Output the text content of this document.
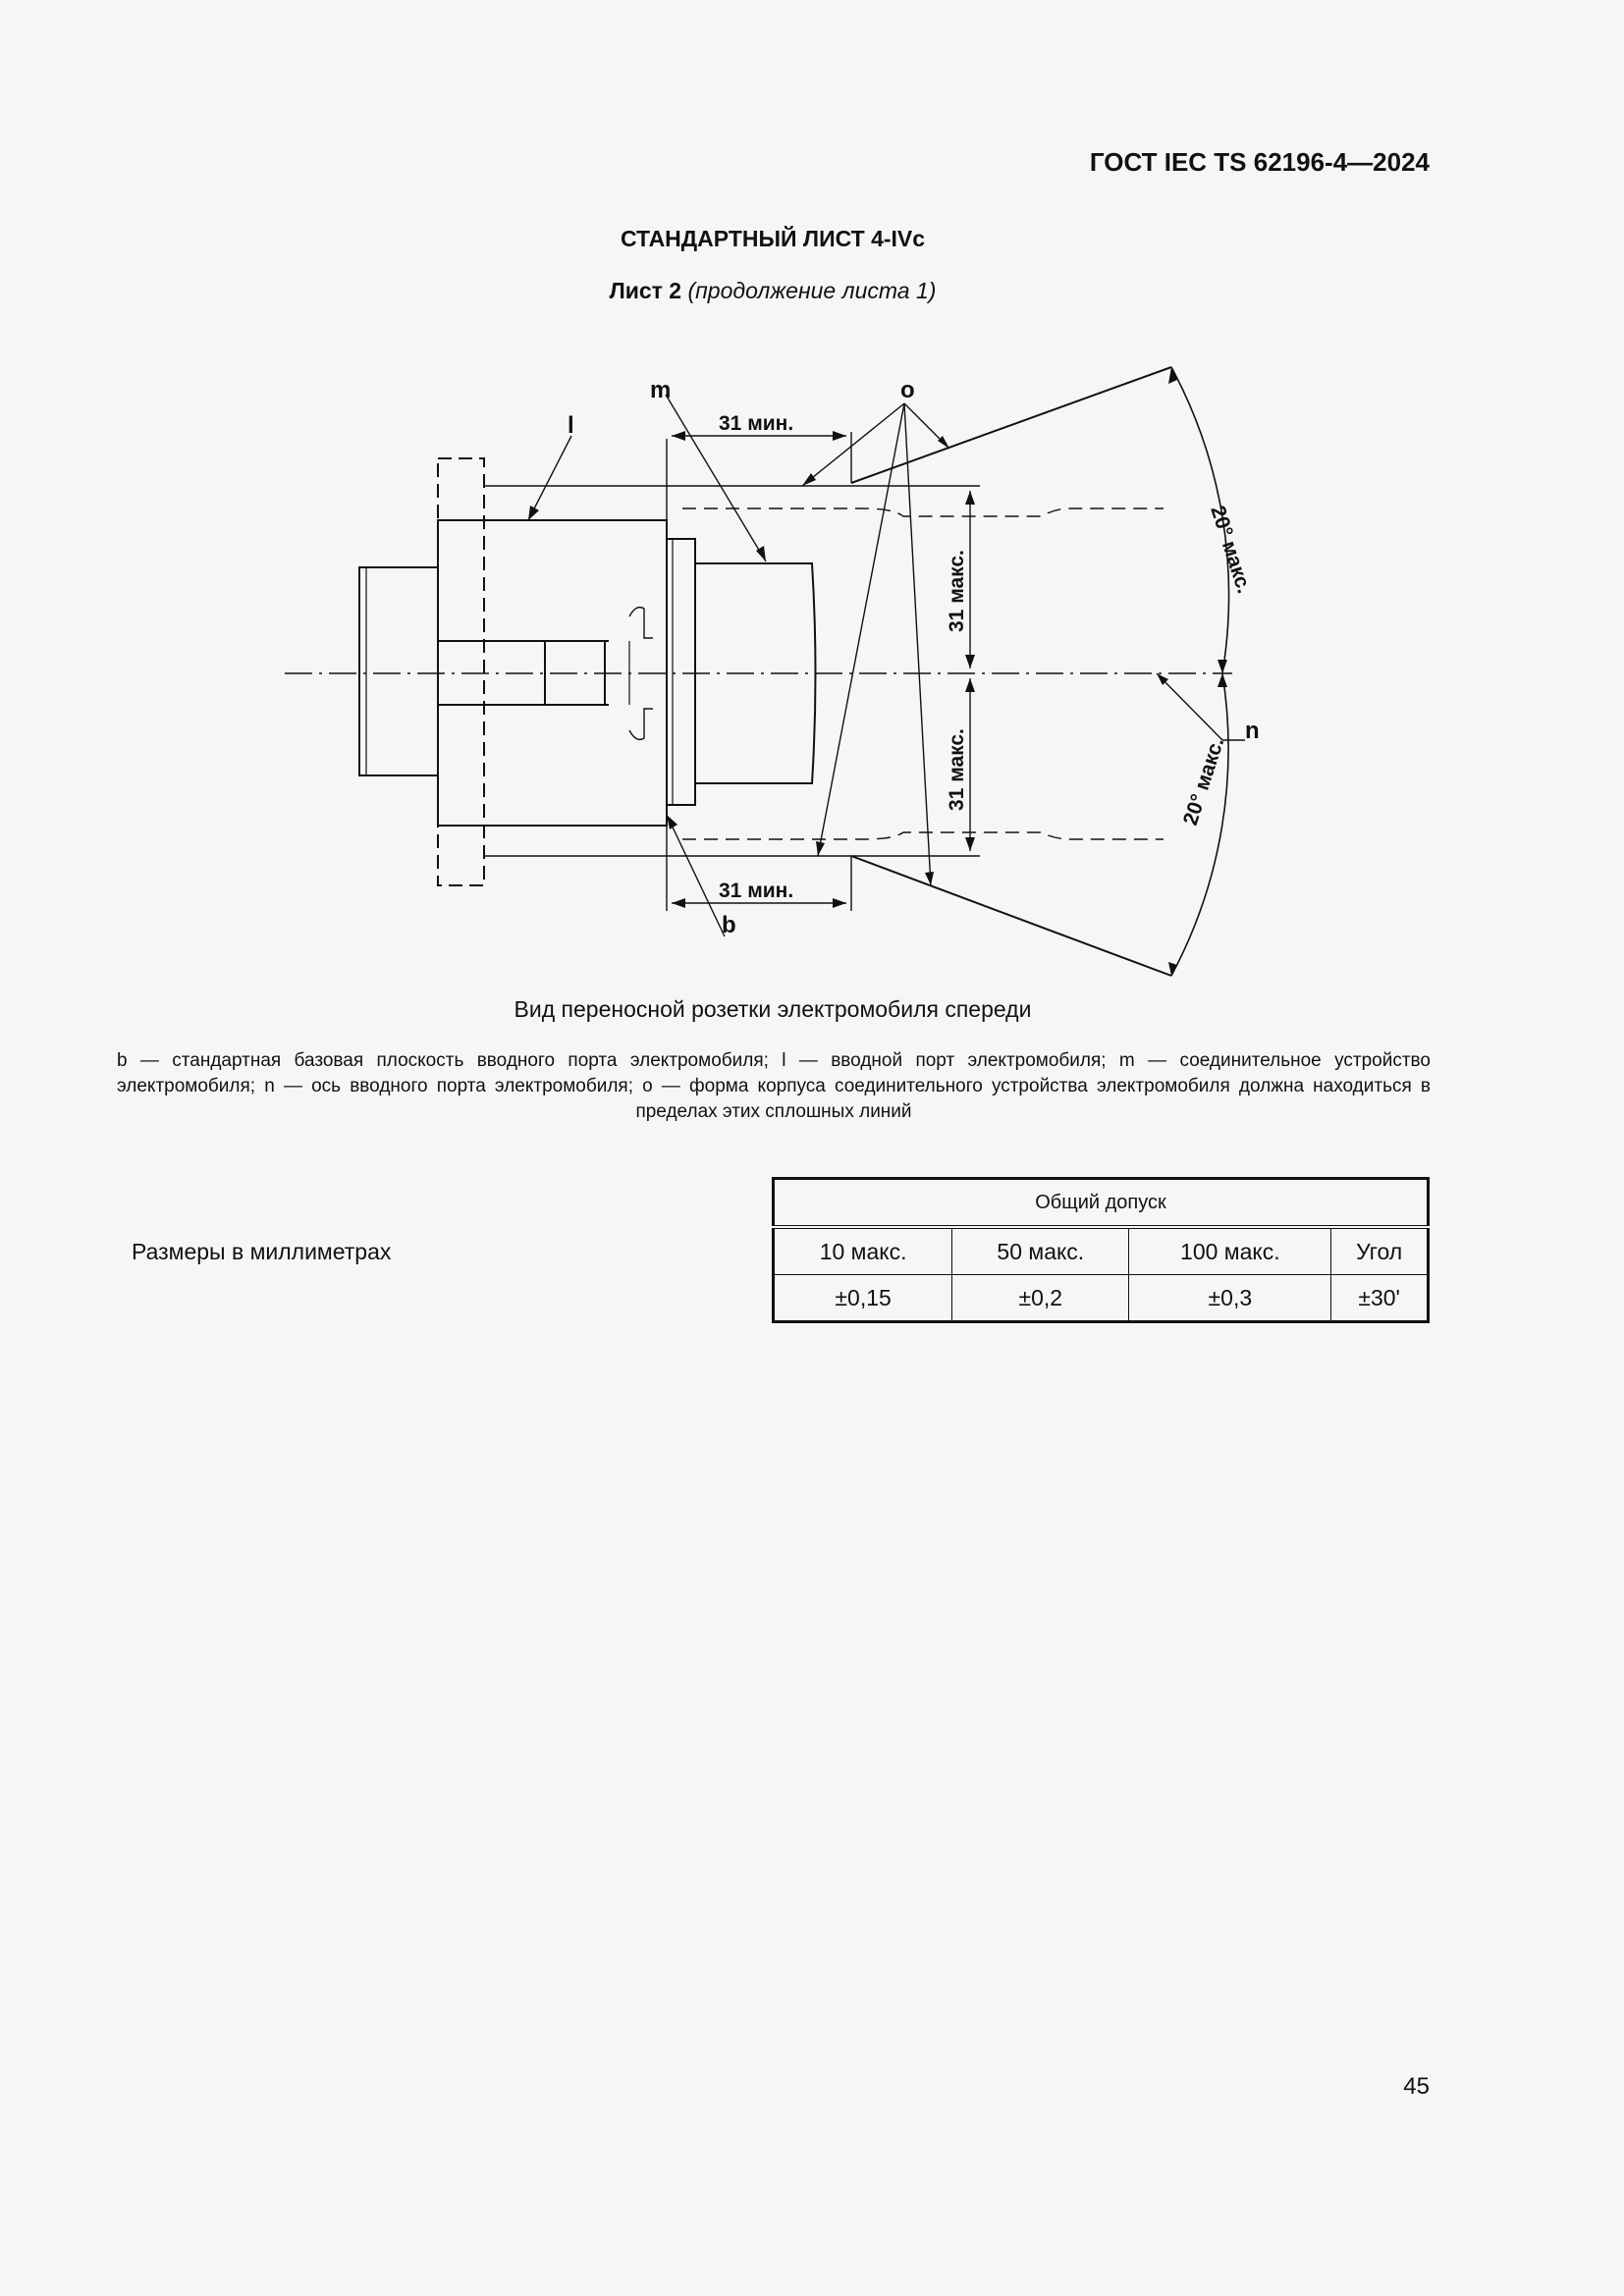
ГОСТ IEC TS 62196-4—2024
СТАНДАРТНЫЙ ЛИСТ 4-IVc
Лист 2 (продолжение листа 1)
l
m	o
n
b
31 мин.
31 мин.
31 макс.
31 макс.
20° макс.
20° макс.
Вид переносной розетки электромобиля спереди
b — стандартная базовая плоскость вводного порта электромобиля; l — вводной порт электромобиля; m — соединительное устройство электромобиля; n — ось вводного порта электромобиля; o — форма корпуса соединительного устройства электромобиля должна находиться в пределах этих сплошных линий
Размеры в миллиметрах
Общий допуск			
10 макс.	50 макс.	100 макс.	Угол
±0,15	±0,2	±0,3	±30'
45
